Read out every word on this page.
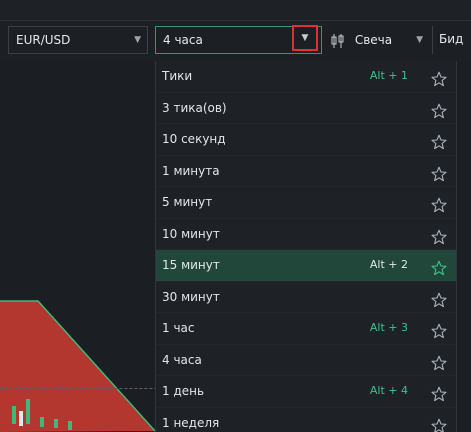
EUR/USD	▼	4 часа	▼	Свеча	▼	Бид
Тики	Alt + 1
3 тика(ов)
10 секунд
1 минута
5 минут
10 минут
15 минут	Alt + 2
30 минут
1 час	Alt + 3
4 часа
1 день	Alt + 4
1 неделя
